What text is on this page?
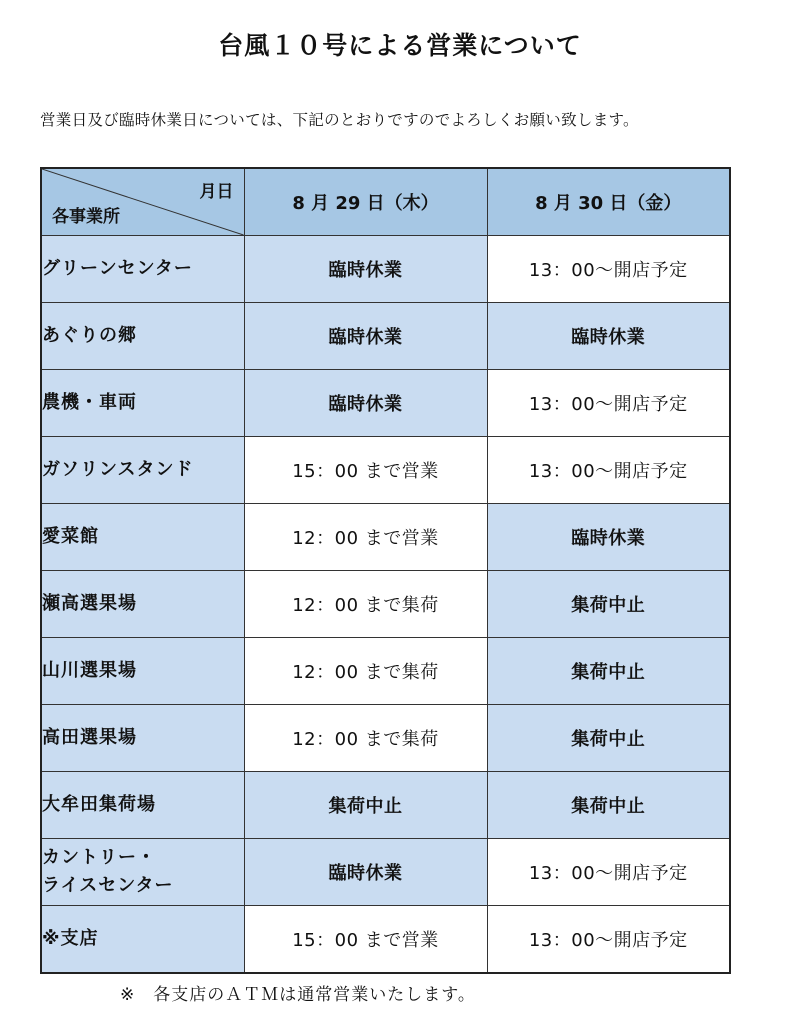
台風１０号による営業について
営業日及び臨時休業日については、下記のとおりですのでよろしくお願い致します。
月日
各事業所	8 月 29 日（木）	8 月 30 日（金）

グリーンセンター	臨時休業	13：00～開店予定

あぐりの郷	臨時休業	臨時休業

農機・車両	臨時休業	13：00～開店予定

ガソリンスタンド	15：00 まで営業	13：00～開店予定

愛菜館	12：00 まで営業	臨時休業

瀬高選果場	12：00 まで集荷	集荷中止

山川選果場	12：00 まで集荷	集荷中止

高田選果場	12：00 まで集荷	集荷中止

大牟田集荷場	集荷中止	集荷中止

カントリー・
ライスセンター	臨時休業	13：00～開店予定

※支店	15：00 まで営業	13：00～開店予定
※　各支店のＡＴＭは通常営業いたします。
